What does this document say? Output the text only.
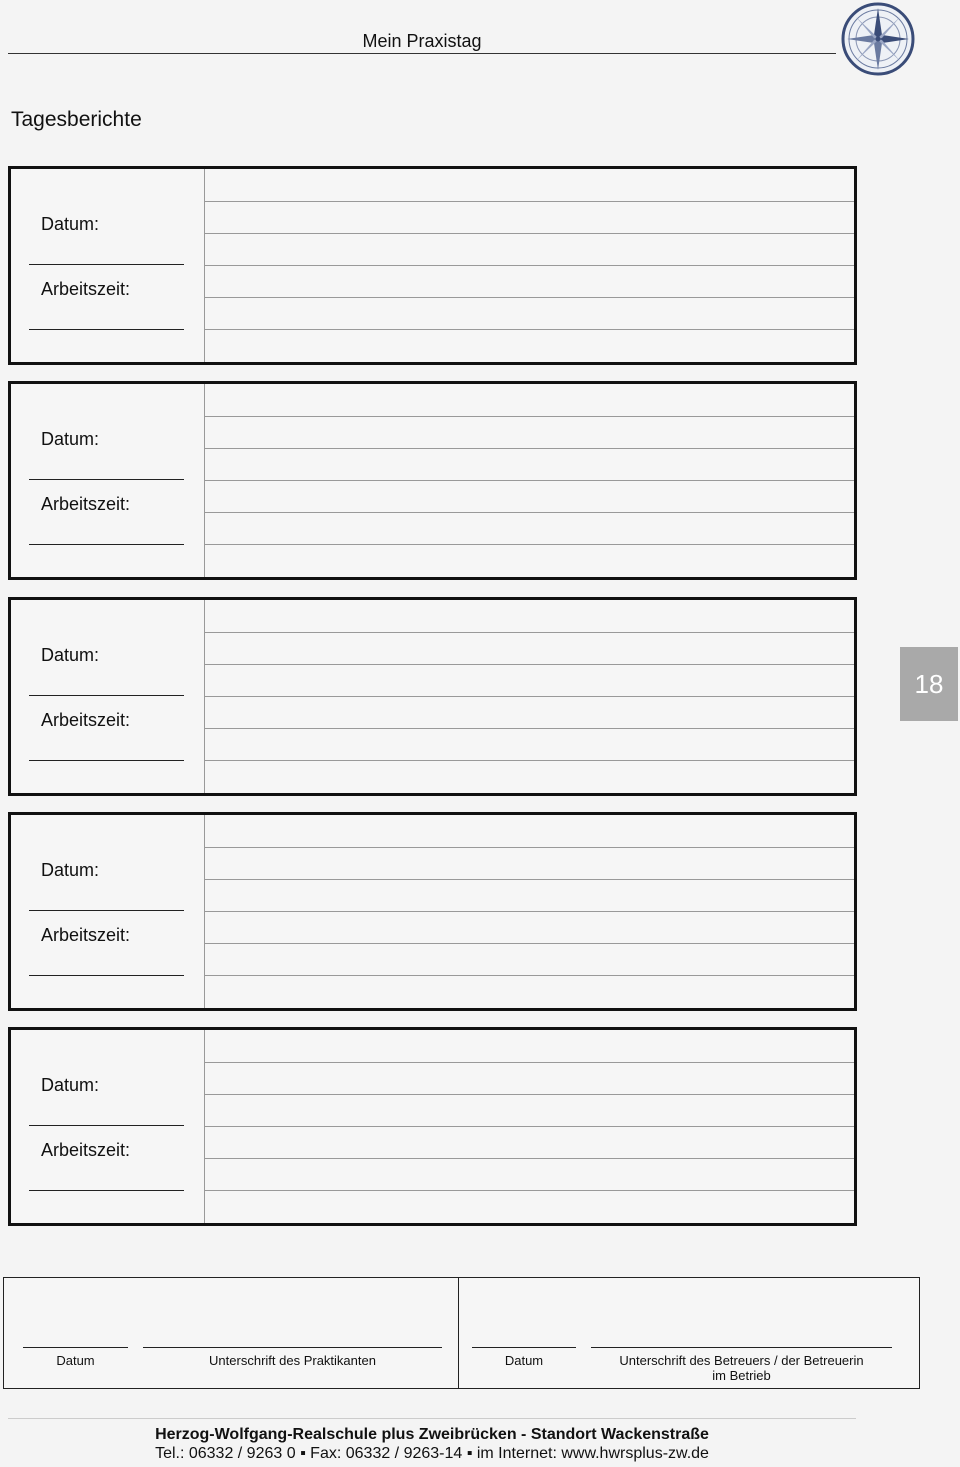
Mein Praxistag
Tagesberichte
Datum:
Arbeitszeit:
Datum:
Arbeitszeit:
Datum:
Arbeitszeit:
Datum:
Arbeitszeit:
Datum:
Arbeitszeit:
18
Datum	Unterschrift des Praktikanten	Datum	Unterschrift des Betreuers / der Betreuerin
im Betrieb
Herzog-Wolfgang-Realschule plus Zweibrücken - Standort Wackenstraße
Tel.: 06332 / 9263 0 ▪ Fax: 06332 / 9263-14 ▪ im Internet: www.hwrsplus-zw.de
